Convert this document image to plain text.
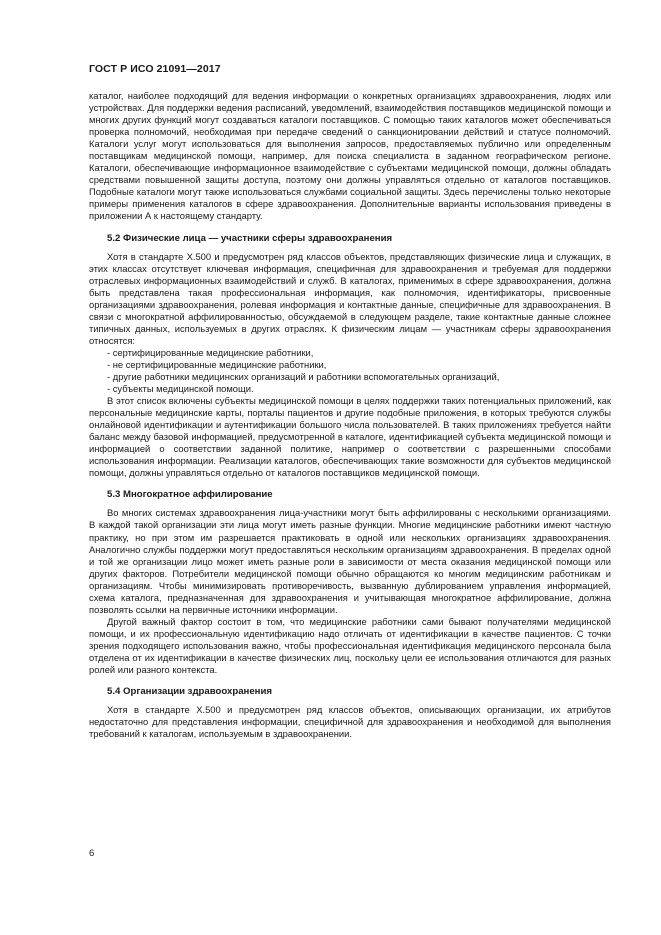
ГОСТ Р ИСО 21091—2017

каталог, наиболее подходящий для ведения информации о конкретных организациях здравоохранения, людях или устройствах. Для поддержки ведения расписаний, уведомлений, взаимодействия поставщиков медицинской помощи и многих других функций могут создаваться каталоги поставщиков. С помощью таких каталогов может обеспечиваться проверка полномочий, необходимая при передаче сведений о санкционировании действий и статусе полномочий. Каталоги услуг могут использоваться для выполнения запросов, предоставляемых публично или определенным поставщикам медицинской помощи, например, для поиска специалиста в заданном географическом регионе. Каталоги, обеспечивающие информационное взаимодействие с субъектами медицинской помощи, должны обладать средствами повышенной защиты доступа, поэтому они должны управляться отдельно от каталогов поставщиков. Подобные каталоги могут также использоваться службами социальной защиты. Здесь перечислены только некоторые примеры применения каталогов в сфере здравоохранения. Дополнительные варианты использования приведены в приложении А к настоящему стандарту.

5.2 Физические лица — участники сферы здравоохранения

Хотя в стандарте Х.500 и предусмотрен ряд классов объектов, представляющих физические лица и служащих, в этих классах отсутствует ключевая информация, специфичная для здравоохранения и требуемая для поддержки отраслевых информационных взаимодействий и служб. В каталогах, применимых в сфере здравоохранения, должна быть представлена такая профессиональная информация, как полномочия, идентификаторы, присвоенные организациями здравоохранения, ролевая информация и контактные данные, специфичные для здравоохранения. В связи с многократной аффилированностью, обсуждаемой в следующем разделе, такие контактные данные сложнее типичных данных, используемых в других отраслях. К физическим лицам — участникам сферы здравоохранения относятся:

- сертифицированные медицинские работники,

- не сертифицированные медицинские работники,

- другие работники медицинских организаций и работники вспомогательных организаций,

- субъекты медицинской помощи.

В этот список включены субъекты медицинской помощи в целях поддержки таких потенциальных приложений, как персональные медицинские карты, порталы пациентов и другие подобные приложения, в которых требуются службы онлайновой идентификации и аутентификации большого числа пользователей. В таких приложениях требуется найти баланс между базовой информацией, предусмотренной в каталоге, идентификацией субъекта медицинской помощи и информацией о соответствии заданной политике, например о соответствии с разрешенными способами использования информации. Реализации каталогов, обеспечивающих такие возможности для субъектов медицинской помощи, должны управляться отдельно от каталогов поставщиков медицинской помощи.

5.3 Многократное аффилирование

Во многих системах здравоохранения лица-участники могут быть аффилированы с несколькими организациями. В каждой такой организации эти лица могут иметь разные функции. Многие медицинские работники имеют частную практику, но при этом им разрешается практиковать в одной или нескольких организациях здравоохранения. Аналогично службы поддержки могут предоставляться нескольким организациям здравоохранения. В пределах одной и той же организации лицо может иметь разные роли в зависимости от места оказания медицинской помощи или других факторов. Потребители медицинской помощи обычно обращаются ко многим медицинским работникам и организациям. Чтобы минимизировать противоречивость, вызванную дублированием управления информацией, схема каталога, предназначенная для здравоохранения и учитывающая многократное аффилирование, должна позволять ссылки на первичные источники информации.

Другой важный фактор состоит в том, что медицинские работники сами бывают получателями медицинской помощи, и их профессиональную идентификацию надо отличать от идентификации в качестве пациентов. С точки зрения подходящего использования важно, чтобы профессиональная идентификация медицинского персонала была отделена от их идентификации в качестве физических лиц, поскольку цели ее использования отличаются для разных ролей или разного контекста.

5.4 Организации здравоохранения

Хотя в стандарте Х.500 и предусмотрен ряд классов объектов, описывающих организации, их атрибутов недостаточно для представления информации, специфичной для здравоохранения и необходимой для выполнения требований к каталогам, используемым в здравоохранении.

6
